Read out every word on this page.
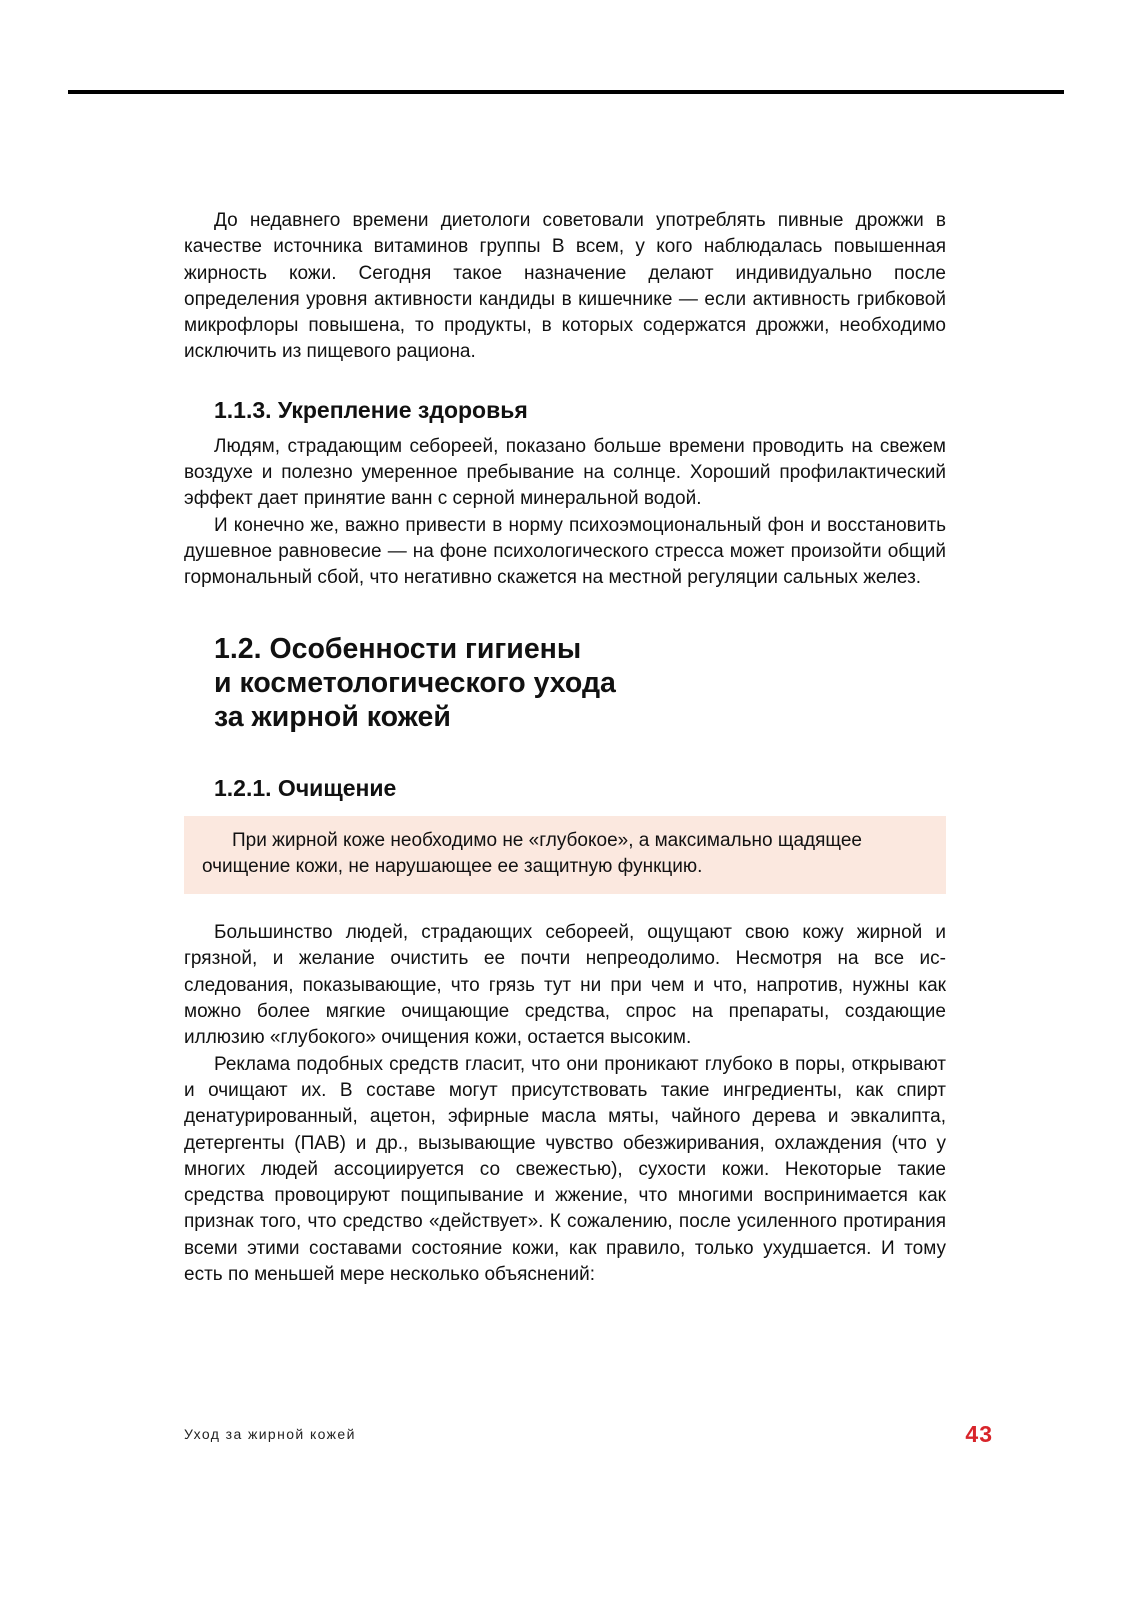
До недавнего времени диетологи советовали употреблять пивные дрожжи в качестве источника витаминов группы В всем, у кого наблюдалась повышенная жирность кожи. Сегодня такое назначение делают индивидуально после определения уровня активности кандиды в кишечнике — если активность грибковой микрофлоры повышена, то продукты, в которых содержатся дрожжи, необходимо исключить из пищевого рациона.

1.1.3. Укрепление здоровья

Людям, страдающим себореей, показано больше времени проводить на свежем воздухе и полезно умеренное пребывание на солнце. Хороший профилактический эффект дает принятие ванн с серной минеральной водой.

И конечно же, важно привести в норму психоэмоциональный фон и восстановить душевное равновесие — на фоне психологического стресса может произойти общий гормональный сбой, что негативно скажется на местной регуляции сальных желез.

1.2. Особенности гигиены
и косметологического ухода
за жирной кожей
1.2.1. Очищение

При жирной коже необходимо не «глубокое», а максимально щадящее очищение кожи, не нарушающее ее защитную функцию.

Большинство людей, страдающих себореей, ощущают свою кожу жирной и грязной, и желание очистить ее почти непреодолимо. Несмотря на все исследования, показывающие, что грязь тут ни при чем и что, напротив, нужны как можно более мягкие очищающие средства, спрос на препараты, создающие иллюзию «глубокого» очищения кожи, остается высоким.

Реклама подобных средств гласит, что они проникают глубоко в поры, открывают и очищают их. В составе могут присутствовать такие ингредиенты, как спирт денатурированный, ацетон, эфирные масла мяты, чайного дерева и эвкалипта, детергенты (ПАВ) и др., вызывающие чувство обезжиривания, охлаждения (что у многих людей ассоциируется со свежестью), сухости кожи. Некоторые такие средства провоцируют пощипывание и жжение, что многими воспринимается как признак того, что средство «действует». К сожалению, после усиленного протирания всеми этими составами состояние кожи, как правило, только ухудшается. И тому есть по меньшей мере несколько объяснений:

Уход за жирной кожей	43
